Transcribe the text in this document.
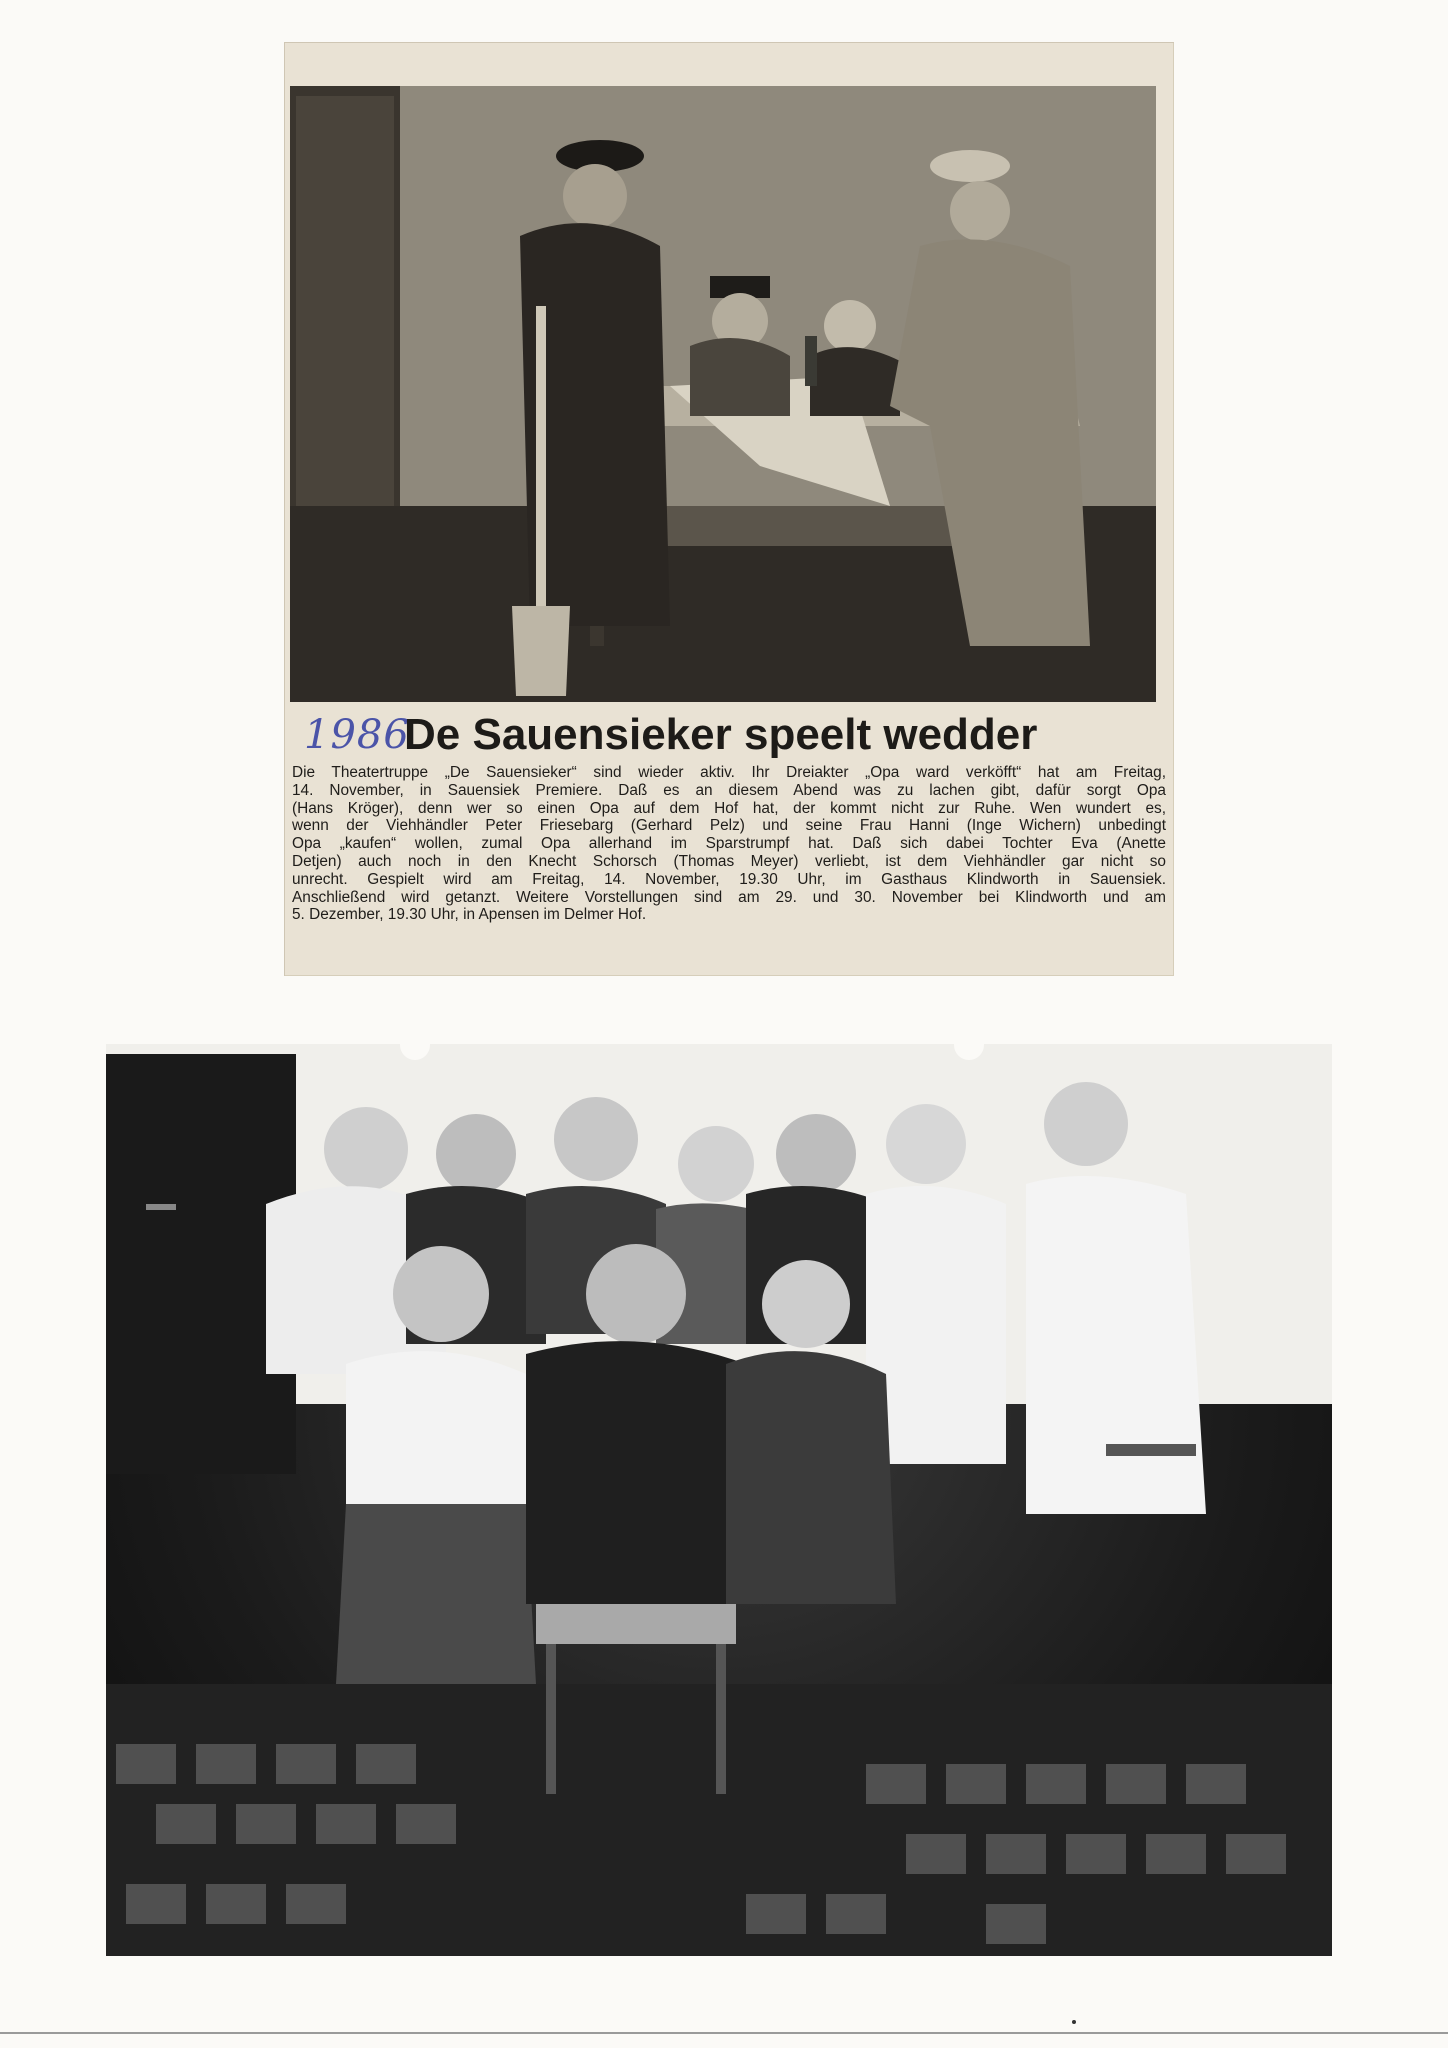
1986
De Sauensieker speelt wedder
Die Theatertruppe „De Sauensieker“ sind wieder aktiv. Ihr Dreiakter „Opa ward verköfft“ hat am Freitag,
14. November, in Sauensiek Premiere. Daß es an diesem Abend was zu lachen gibt, dafür sorgt Opa
(Hans Kröger), denn wer so einen Opa auf dem Hof hat, der kommt nicht zur Ruhe. Wen wundert es,
wenn der Viehhändler Peter Friesebarg (Gerhard Pelz) und seine Frau Hanni (Inge Wichern) unbedingt
Opa „kaufen“ wollen, zumal Opa allerhand im Sparstrumpf hat. Daß sich dabei Tochter Eva (Anette
Detjen) auch noch in den Knecht Schorsch (Thomas Meyer) verliebt, ist dem Viehhändler gar nicht so
unrecht. Gespielt wird am Freitag, 14. November, 19.30 Uhr, im Gasthaus Klindworth in Sauensiek.
Anschließend wird getanzt. Weitere Vorstellungen sind am 29. und 30. November bei Klindworth und am
5. Dezember, 19.30 Uhr, in Apensen im Delmer Hof.
